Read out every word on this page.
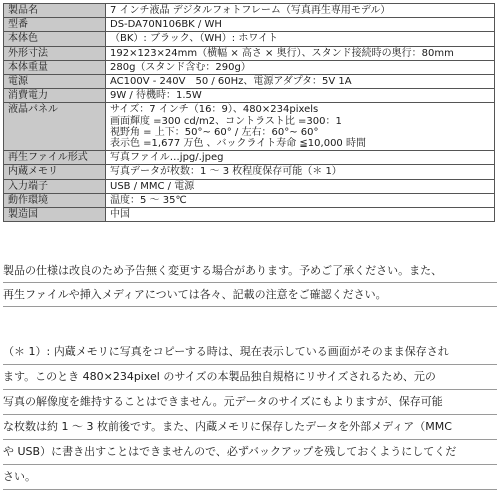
製品名	7 インチ液晶 デジタルフォトフレーム（写真再生専用モデル）

型番	DS-DA70N106BK / WH

本体色	（BK）: ブラック、（WH）: ホワイト

外形寸法	192×123×24mm（横幅 × 高さ × 奥行）、スタンド接続時の奥行：80mm

本体重量	280g（スタンド含む：290g）

電源	AC100V - 240V　50 / 60Hz、電源アダプタ：5V 1A

消費電力	9W / 待機時：1.5W

液晶パネル	サイズ：7 インチ（16：9）、480×234pixels
画面輝度 =300 cd/m2、コントラスト比 =300：1
視野角 = 上下：50°~ 60° / 左右：60°~ 60°
表示色 =1,677 万色 、バックライト寿命 ≦10,000 時間

再生ファイル形式	写真ファイル…jpg/.jpeg

内蔵メモリ	写真データが枚数：1 ～ 3 枚程度保存可能（＊ 1）

入力端子	USB / MMC / 電源

動作環境	温度：5 ～ 35℃

製造国	中国
製品の仕様は改良のため予告無く変更する場合があります。予めご了承ください。また、
再生ファイルや挿入メディアについては各々、記載の注意をご確認ください。
（＊ 1）: 内蔵メモリに写真をコピーする時は、現在表示している画面がそのまま保存され
ます。このとき 480×234pixel のサイズの本製品独自規格にリサイズされるため、元の
写真の解像度を維持することはできません。元データのサイズにもよりますが、保存可能
な枚数は約 1 ～ 3 枚前後です。また、内蔵メモリに保存したデータを外部メディア（MMC
や USB）に書き出すことはできませんので、必ずバックアップを残しておくようにしてくだ
さい。
